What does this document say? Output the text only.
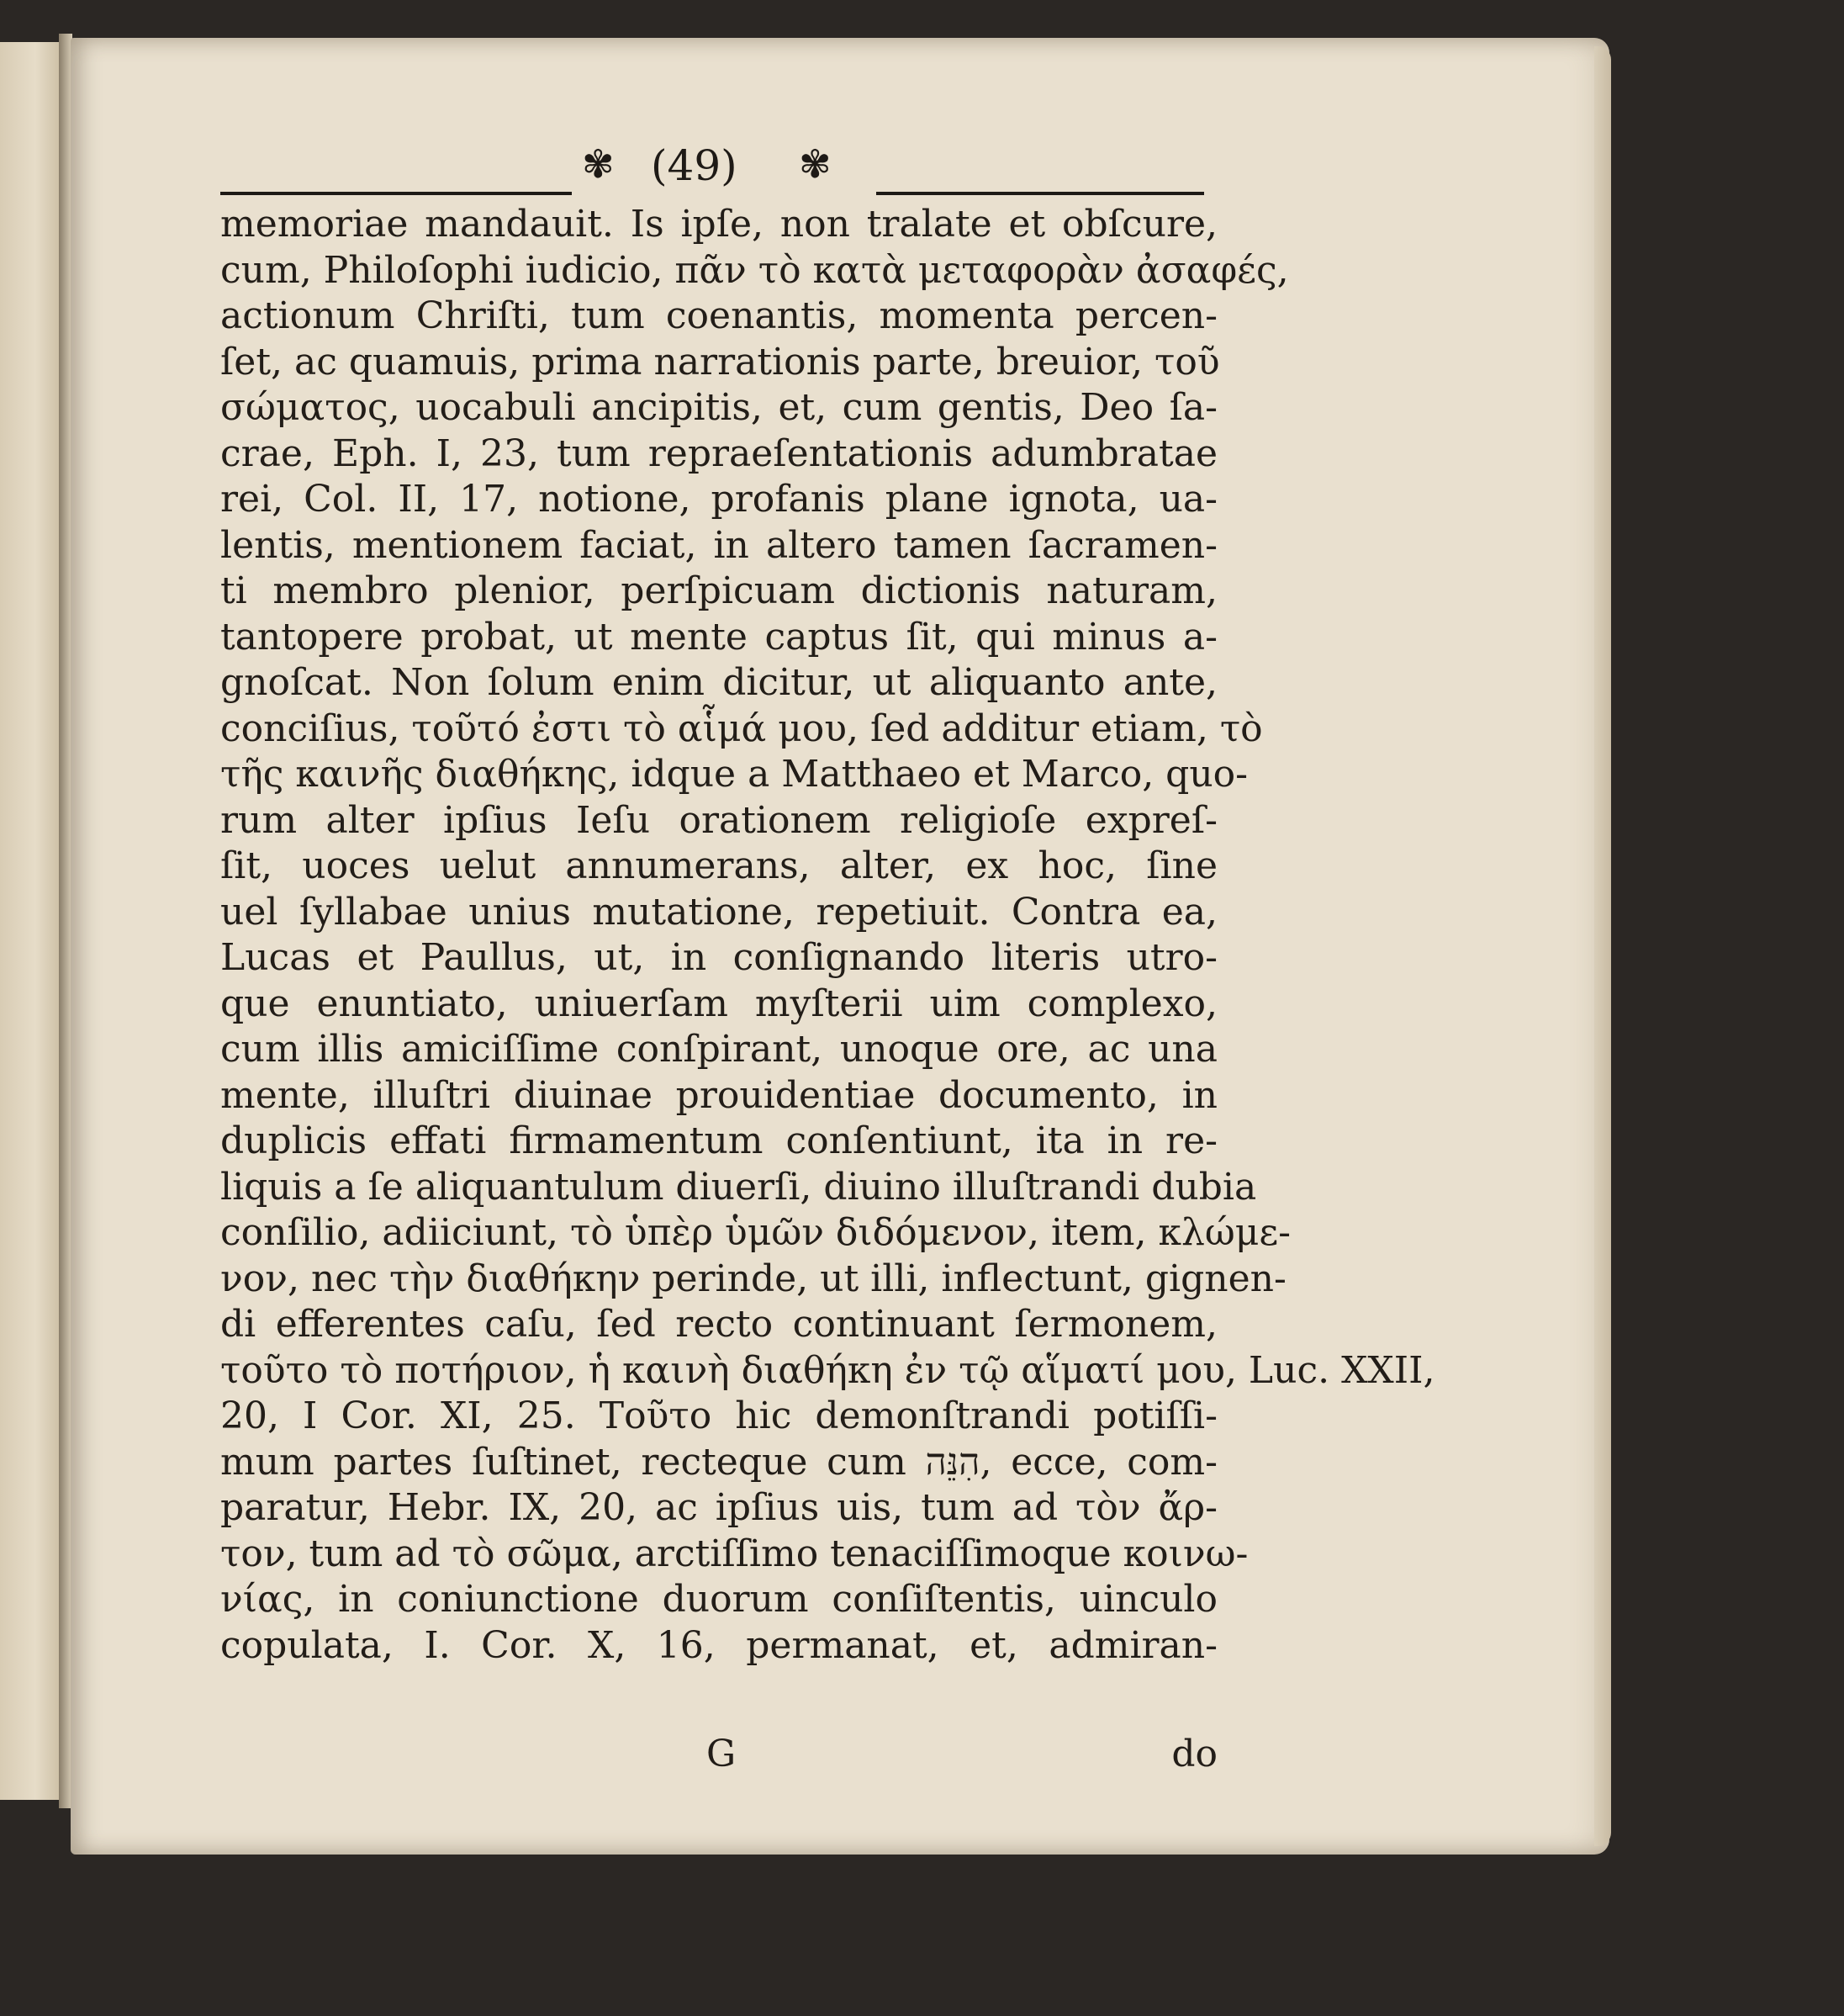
✾ (49) ✾
memoriae mandauit. Is ipſe, non tralate et obſcure,
cum, Philoſophi iudicio, πᾶν τὸ κατὰ μεταφορὰν ἀσαφές,
actionum Chriſti, tum coenantis, momenta percen-
ſet, ac quamuis, prima narrationis parte, breuior, τοῦ
σώματος, uocabuli ancipitis, et, cum gentis, Deo ſa-
crae, Eph. I, 23, tum repraeſentationis adumbratae
rei, Col. II, 17, notione, profanis plane ignota, ua-
lentis, mentionem faciat, in altero tamen ſacramen-
ti membro plenior, perſpicuam dictionis naturam,
tantopere probat, ut mente captus ſit, qui minus a-
gnoſcat. Non ſolum enim dicitur, ut aliquanto ante,
conciſius, τοῦτό ἐστι τὸ αἷμά μου, ſed additur etiam, τὸ
τῆς καινῆς διαθήκης, idque a Matthaeo et Marco, quo-
rum alter ipſius Ieſu orationem religioſe expreſ-
ſit, uoces uelut annumerans, alter, ex hoc, ſine
uel ſyllabae unius mutatione, repetiuit. Contra ea,
Lucas et Paullus, ut, in conſignando literis utro-
que enuntiato, uniuerſam myſterii uim complexo,
cum illis amiciſſime conſpirant, unoque ore, ac una
mente, illuſtri diuinae prouidentiae documento, in
duplicis effati firmamentum conſentiunt, ita in re-
liquis a ſe aliquantulum diuerſi, diuino illuſtrandi dubia
conſilio, adiiciunt, τὸ ὑπὲρ ὑμῶν διδόμενον, item, κλώμε-
νον, nec τὴν διαθήκην perinde, ut illi, inflectunt, gignen-
di efferentes caſu, ſed recto continuant ſermonem,
τοῦτο τὸ ποτήριον, ἡ καινὴ διαθήκη ἐν τῷ αἵματί μου, Luc. XXII,
20, I Cor. XI, 25. Τοῦτο hic demonſtrandi potiſſi-
mum partes ſuſtinet, recteque cum הִנֵּה, ecce, com-
paratur, Hebr. IX, 20, ac ipſius uis, tum ad τὸν ἄρ-
τον, tum ad τὸ σῶμα, arctiſſimo tenaciſſimoque κοινω-
νίας, in coniunctione duorum conſiſtentis, uinculo
copulata, I. Cor. X, 16, permanat, et, admiran-
G	do
